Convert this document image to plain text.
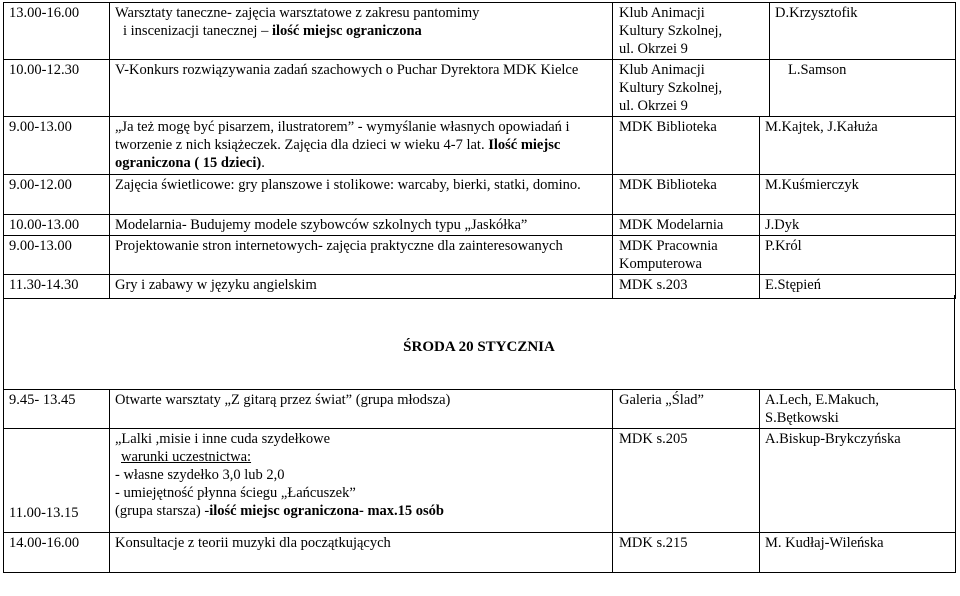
13.00-16.00	Warsztaty taneczne- zajęcia warsztatowe z zakresu pantomimy
i inscenizacji tanecznej – ilość miejsc ograniczona	Klub Animacji
Kultury Szkolnej,
ul. Okrzei 9		D.Krzysztofik
10.00-12.30	V-Konkurs rozwiązywania zadań szachowych o Puchar Dyrektora MDK Kielce	Klub Animacji
Kultury Szkolnej,
ul. Okrzei 9		L.Samson
9.00-13.00	„Ja też mogę być pisarzem, ilustratorem” - wymyślanie własnych opowiadań i tworzenie z nich książeczek. Zajęcia dla dzieci w wieku 4-7 lat. Ilość miejsc ograniczona ( 15 dzieci).	MDK Biblioteka	M.Kajtek, J.Kałuża	
9.00-12.00	Zajęcia świetlicowe: gry planszowe i stolikowe: warcaby, bierki, statki, domino.	MDK Biblioteka	M.Kuśmierczyk	
10.00-13.00	Modelarnia- Budujemy modele szybowców szkolnych typu „Jaskółka”	MDK Modelarnia	J.Dyk	
9.00-13.00	Projektowanie stron internetowych- zajęcia praktyczne dla zainteresowanych	MDK Pracownia
Komputerowa	P.Król	
11.30-14.30	Gry i zabawy w języku angielskim	MDK s.203	E.Stępień	
ŚRODA 20 STYCZNIA
9.45- 13.45	Otwarte warsztaty „Z gitarą przez świat” (grupa młodsza)	Galeria „Ślad”	A.Lech, E.Makuch, S.Bętkowski
11.00-13.15	„Lalki ,misie i inne cuda szydełkowe
warunki uczestnictwa:
- własne szydełko 3,0 lub 2,0
- umiejętność płynna ściegu „Łańcuszek”
(grupa starsza) -ilość miejsc ograniczona- max.15 osób	MDK s.205	A.Biskup-Brykczyńska
14.00-16.00	Konsultacje z teorii muzyki dla początkujących	MDK s.215	M. Kudłaj-Wileńska
